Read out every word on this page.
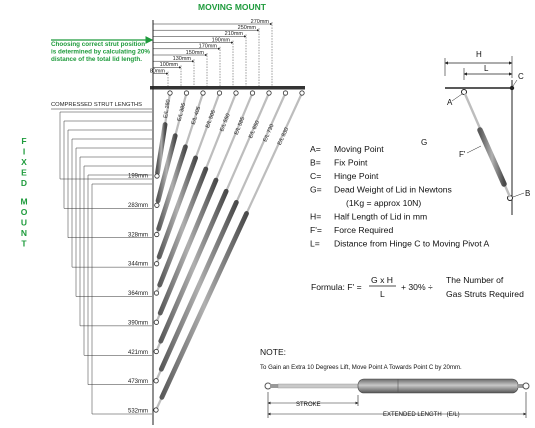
MOVING MOUNT
Choosing correct strut position
is determined by calculating 20%
distance of the total lid length.
270mm
250mm
210mm
190mm
170mm
150mm
130mm
100mm
80mm
F I X E D M O U N T
COMPRESSED STRUT LENGTHS	E/L 280 E/L 385 E/L 405 E/L 505 E/L 550 E/L 585 E/L 650 E/L 730 E/L 830
199mm
283mm
328mm
344mm
364mm
390mm
421mm
473mm
532mm
H
L
A
C
G
F'
B
A= Moving Point
B= Fix Point
C= Hinge Point
G= Dead Weight of Lid in Newtons
(1Kg = approx 10N)
H= Half Length of Lid in mm
F'= Force Required
L= Distance from Hinge C to Moving Pivot A
Formula: F' =
G x H
L
+ 30% ÷
The Number of
Gas Struts Required
NOTE:
To Gain an Extra 10 Degrees Lift, Move Point A Towards Point C by 20mm.
STROKE
EXTENDED LENGTH   (E/L)
